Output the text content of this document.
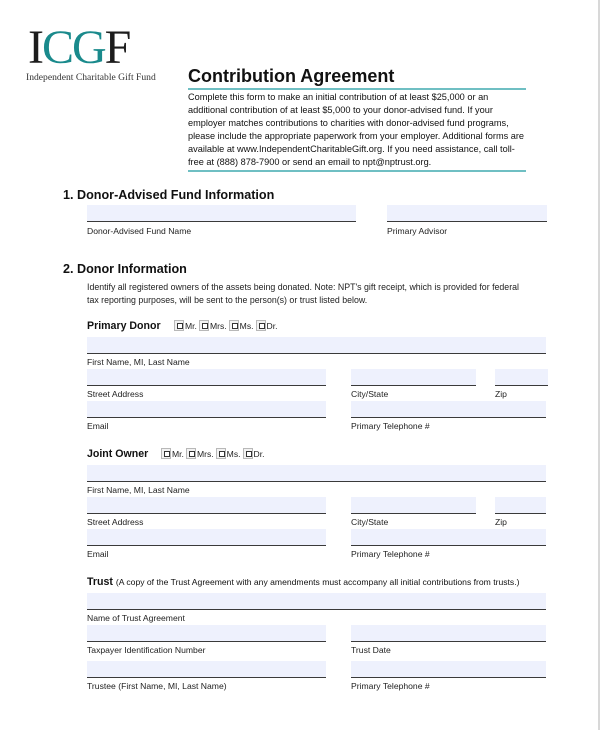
ICGF
Independent Charitable Gift Fund Contribution Agreement
Complete this form to make an initial contribution of at least $25,000 or an additional contribution of at least $5,000 to your donor-advised fund. If your employer matches contributions to charities with donor-advised fund programs, please include the appropriate paperwork from your employer. Additional forms are available at www.IndependentCharitableGift.org. If you need assistance, call toll-free at (888) 878-7900 or send an email to npt@nptrust.org.
1. Donor-Advised Fund Information
Donor-Advised Fund Name	Primary Advisor
2. Donor Information
Identify all registered owners of the assets being donated. Note: NPT's gift receipt, which is provided for federal tax reporting purposes, will be sent to the person(s) or trust listed below.
Primary Donor	Mr. Mrs. Ms. Dr.
First Name, MI, Last Name
Street Address	City/State	Zip
Email	Primary Telephone #
Joint Owner	Mr. Mrs. Ms. Dr.
First Name, MI, Last Name
Street Address	City/State	Zip
Email	Primary Telephone #
Trust (A copy of the Trust Agreement with any amendments must accompany all initial contributions from trusts.)
Name of Trust Agreement
Taxpayer Identification Number	Trust Date
Trustee (First Name, MI, Last Name)	Primary Telephone #
